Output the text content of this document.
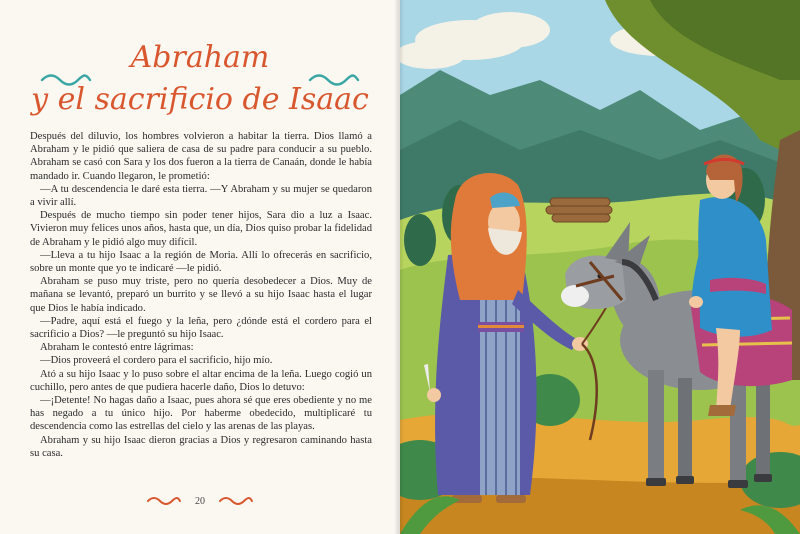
Abraham
y el sacrificio de Isaac

Después del diluvio, los hombres volvieron a habitar la tierra. Dios llamó a Abraham y le pidió que saliera de casa de su padre para conducir a su pueblo. Abraham se casó con Sara y los dos fueron a la tierra de Canaán, donde le había mandado ir. Cuando llegaron, le prometió:

—A tu descendencia le daré esta tierra. —Y Abraham y su mujer se quedaron a vivir allí.

Después de mucho tiempo sin poder tener hijos, Sara dio a luz a Isaac. Vivieron muy felices unos años, hasta que, un día, Dios quiso probar la fidelidad de Abraham y le pidió algo muy difícil.

—Lleva a tu hijo Isaac a la región de Moria. Allí lo ofrecerás en sacrificio, sobre un monte que yo te indicaré —le pidió.

Abraham se puso muy triste, pero no quería desobedecer a Dios. Muy de mañana se levantó, preparó un burrito y se llevó a su hijo Isaac hasta el lugar que Dios le había indicado.

—Padre, aquí está el fuego y la leña, pero ¿dónde está el cordero para el sacrificio a Dios? —le preguntó su hijo Isaac.

Abraham le contestó entre lágrimas:

—Dios proveerá el cordero para el sacrificio, hijo mío.

Ató a su hijo Isaac y lo puso sobre el altar encima de la leña. Luego cogió un cuchillo, pero antes de que pudiera hacerle daño, Dios lo detuvo:

—¡Detente! No hagas daño a Isaac, pues ahora sé que eres obediente y no me has negado a tu único hijo. Por haberme obedecido, multiplicaré tu descendencia como las estrellas del cielo y las arenas de las playas.

Abraham y su hijo Isaac dieron gracias a Dios y regresaron caminando hasta su casa.

20
